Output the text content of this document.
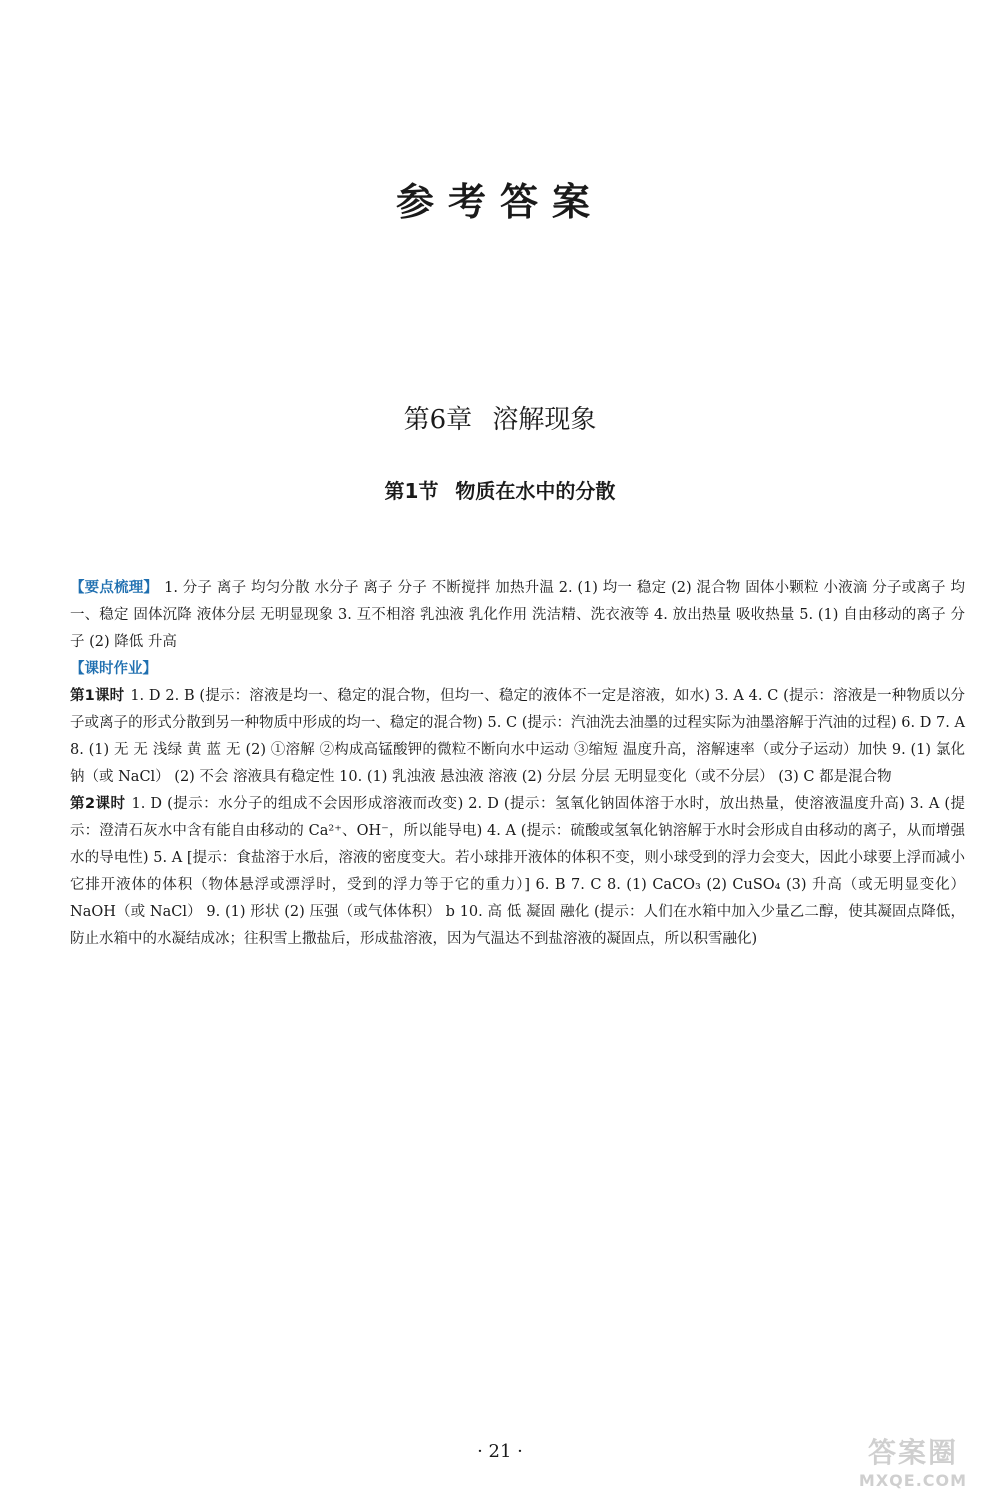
参考答案
第6章 溶解现象
第1节 物质在水中的分散

【要点梳理】 1. 分子 离子 均匀分散 水分子 离子 分子 不断搅拌 加热升温 2. (1) 均一 稳定 (2) 混合物 固体小颗粒 小液滴 分子或离子 均一、稳定 固体沉降 液体分层 无明显现象 3. 互不相溶 乳浊液 乳化作用 洗洁精、洗衣液等 4. 放出热量 吸收热量 5. (1) 自由移动的离子 分子 (2) 降低 升高

【课时作业】

第1课时 1. D 2. B (提示：溶液是均一、稳定的混合物，但均一、稳定的液体不一定是溶液，如水) 3. A 4. C (提示：溶液是一种物质以分子或离子的形式分散到另一种物质中形成的均一、稳定的混合物) 5. C (提示：汽油洗去油墨的过程实际为油墨溶解于汽油的过程) 6. D 7. A 8. (1) 无 无 浅绿 黄 蓝 无 (2) ①溶解 ②构成高锰酸钾的微粒不断向水中运动 ③缩短 温度升高，溶解速率（或分子运动）加快 9. (1) 氯化钠（或 NaCl） (2) 不会 溶液具有稳定性 10. (1) 乳浊液 悬浊液 溶液 (2) 分层 分层 无明显变化（或不分层） (3) C 都是混合物

第2课时 1. D (提示：水分子的组成不会因形成溶液而改变) 2. D (提示：氢氧化钠固体溶于水时，放出热量，使溶液温度升高) 3. A (提示：澄清石灰水中含有能自由移动的 Ca²⁺、OH⁻，所以能导电) 4. A (提示：硫酸或氢氧化钠溶解于水时会形成自由移动的离子，从而增强水的导电性) 5. A [提示：食盐溶于水后，溶液的密度变大。若小球排开液体的体积不变，则小球受到的浮力会变大，因此小球要上浮而减小它排开液体的体积（物体悬浮或漂浮时，受到的浮力等于它的重力）] 6. B 7. C 8. (1) CaCO₃ (2) CuSO₄ (3) 升高（或无明显变化） NaOH（或 NaCl） 9. (1) 形状 (2) 压强（或气体体积） b 10. 高 低 凝固 融化 (提示：人们在水箱中加入少量乙二醇，使其凝固点降低，防止水箱中的水凝结成冰；往积雪上撒盐后，形成盐溶液，因为气温达不到盐溶液的凝固点，所以积雪融化)

· 21 ·	答案圈
MXQE.COM
